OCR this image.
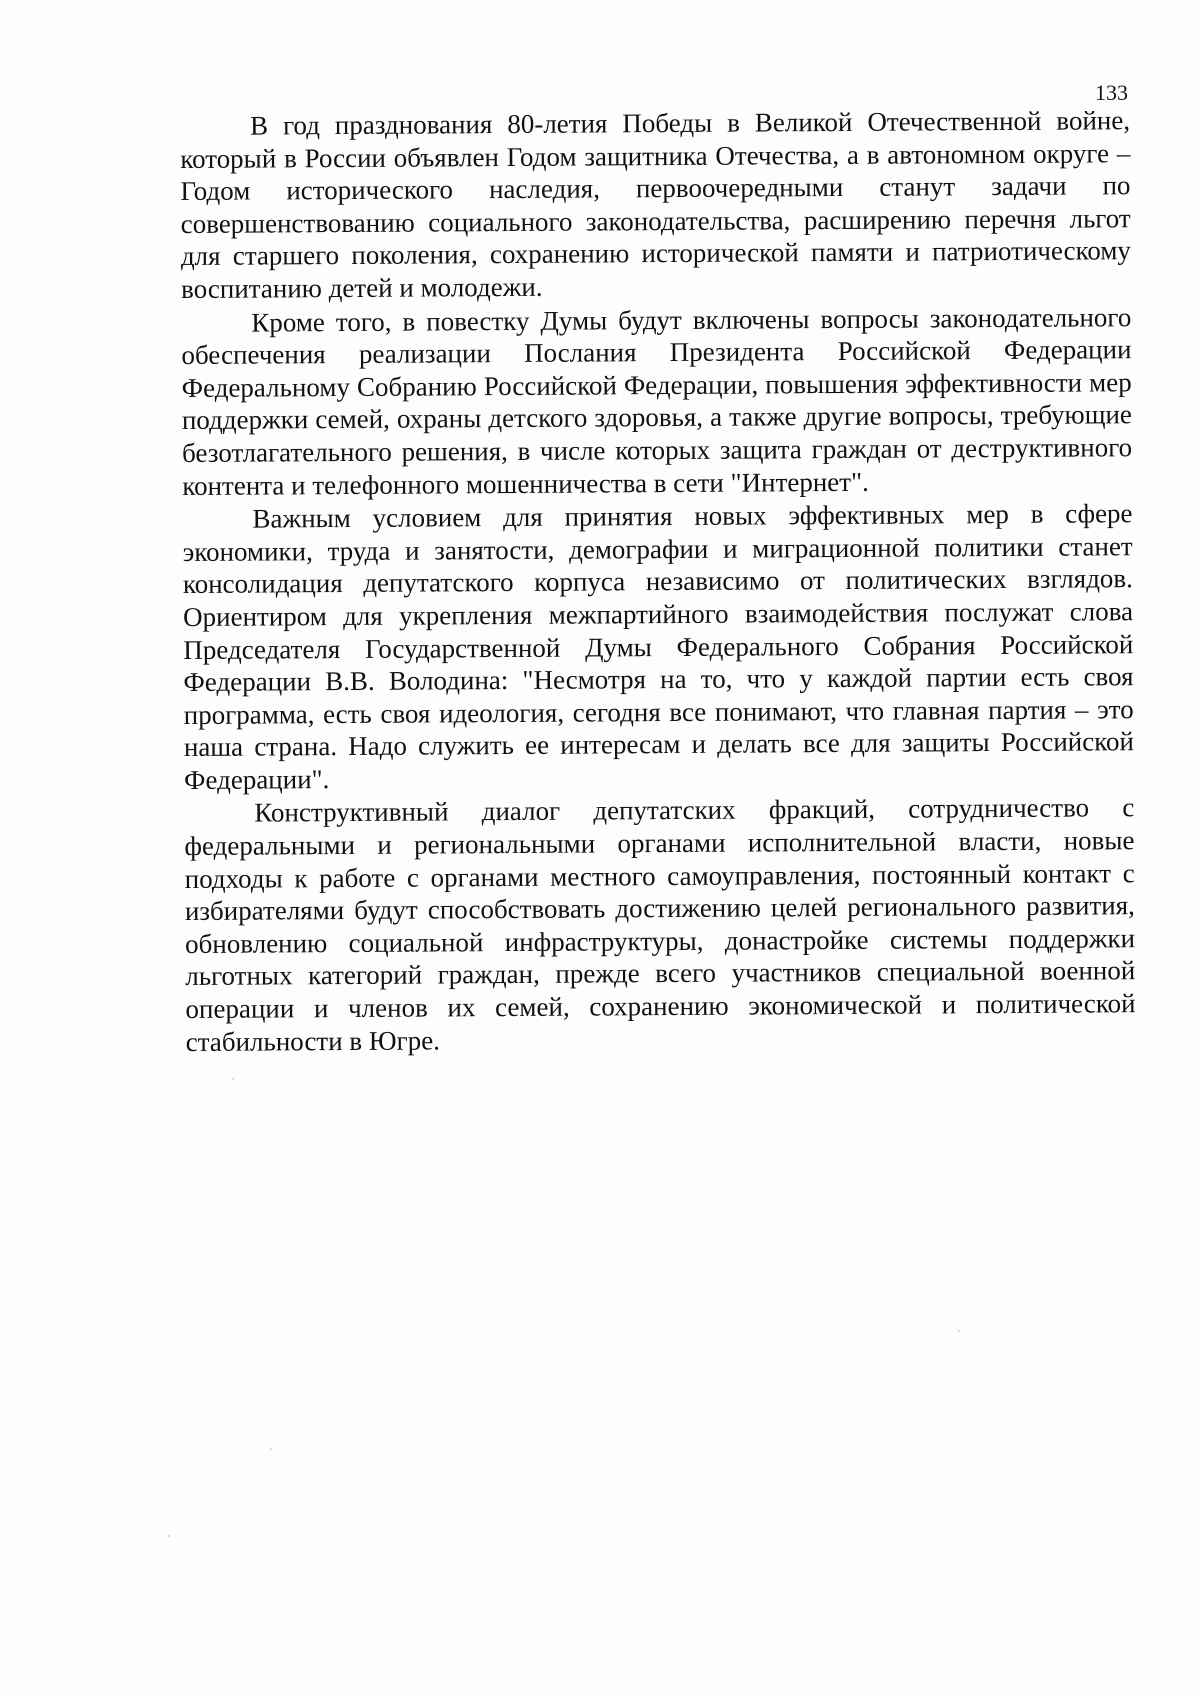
133

В год празднования 80-летия Победы в Великой Отечественной войне, который в России объявлен Годом защитника Отечества, а в автономном округе – Годом исторического наследия, первоочередными станут задачи по совершенствованию социального законодательства, расширению перечня льгот для старшего поколения, сохранению исторической памяти и патриотическому воспитанию детей и молодежи.

Кроме того, в повестку Думы будут включены вопросы законодательного обеспечения реализации Послания Президента Российской Федерации Федеральному Собранию Российской Федерации, повышения эффективности мер поддержки семей, охраны детского здоровья, а также другие вопросы, требующие безотлагательного решения, в числе которых защита граждан от деструктивного контента и телефонного мошенничества в сети "Интернет".

Важным условием для принятия новых эффективных мер в сфере экономики, труда и занятости, демографии и миграционной политики станет консолидация депутатского корпуса независимо от политических взглядов. Ориентиром для укрепления межпартийного взаимодействия послужат слова Председателя Государственной Думы Федерального Собрания Российской Федерации В.В. Володина: "Несмотря на то, что у каждой партии есть своя программа, есть своя идеология, сегодня все понимают, что главная партия – это наша страна. Надо служить ее интересам и делать все для защиты Российской Федерации".

Конструктивный диалог депутатских фракций, сотрудничество с федеральными и региональными органами исполнительной власти, новые подходы к работе с органами местного самоуправления, постоянный контакт с избирателями будут способствовать достижению целей регионального развития, обновлению социальной инфраструктуры, донастройке системы поддержки льготных категорий граждан, прежде всего участников специальной военной операции и членов их семей, сохранению экономической и политической стабильности в Югре.
